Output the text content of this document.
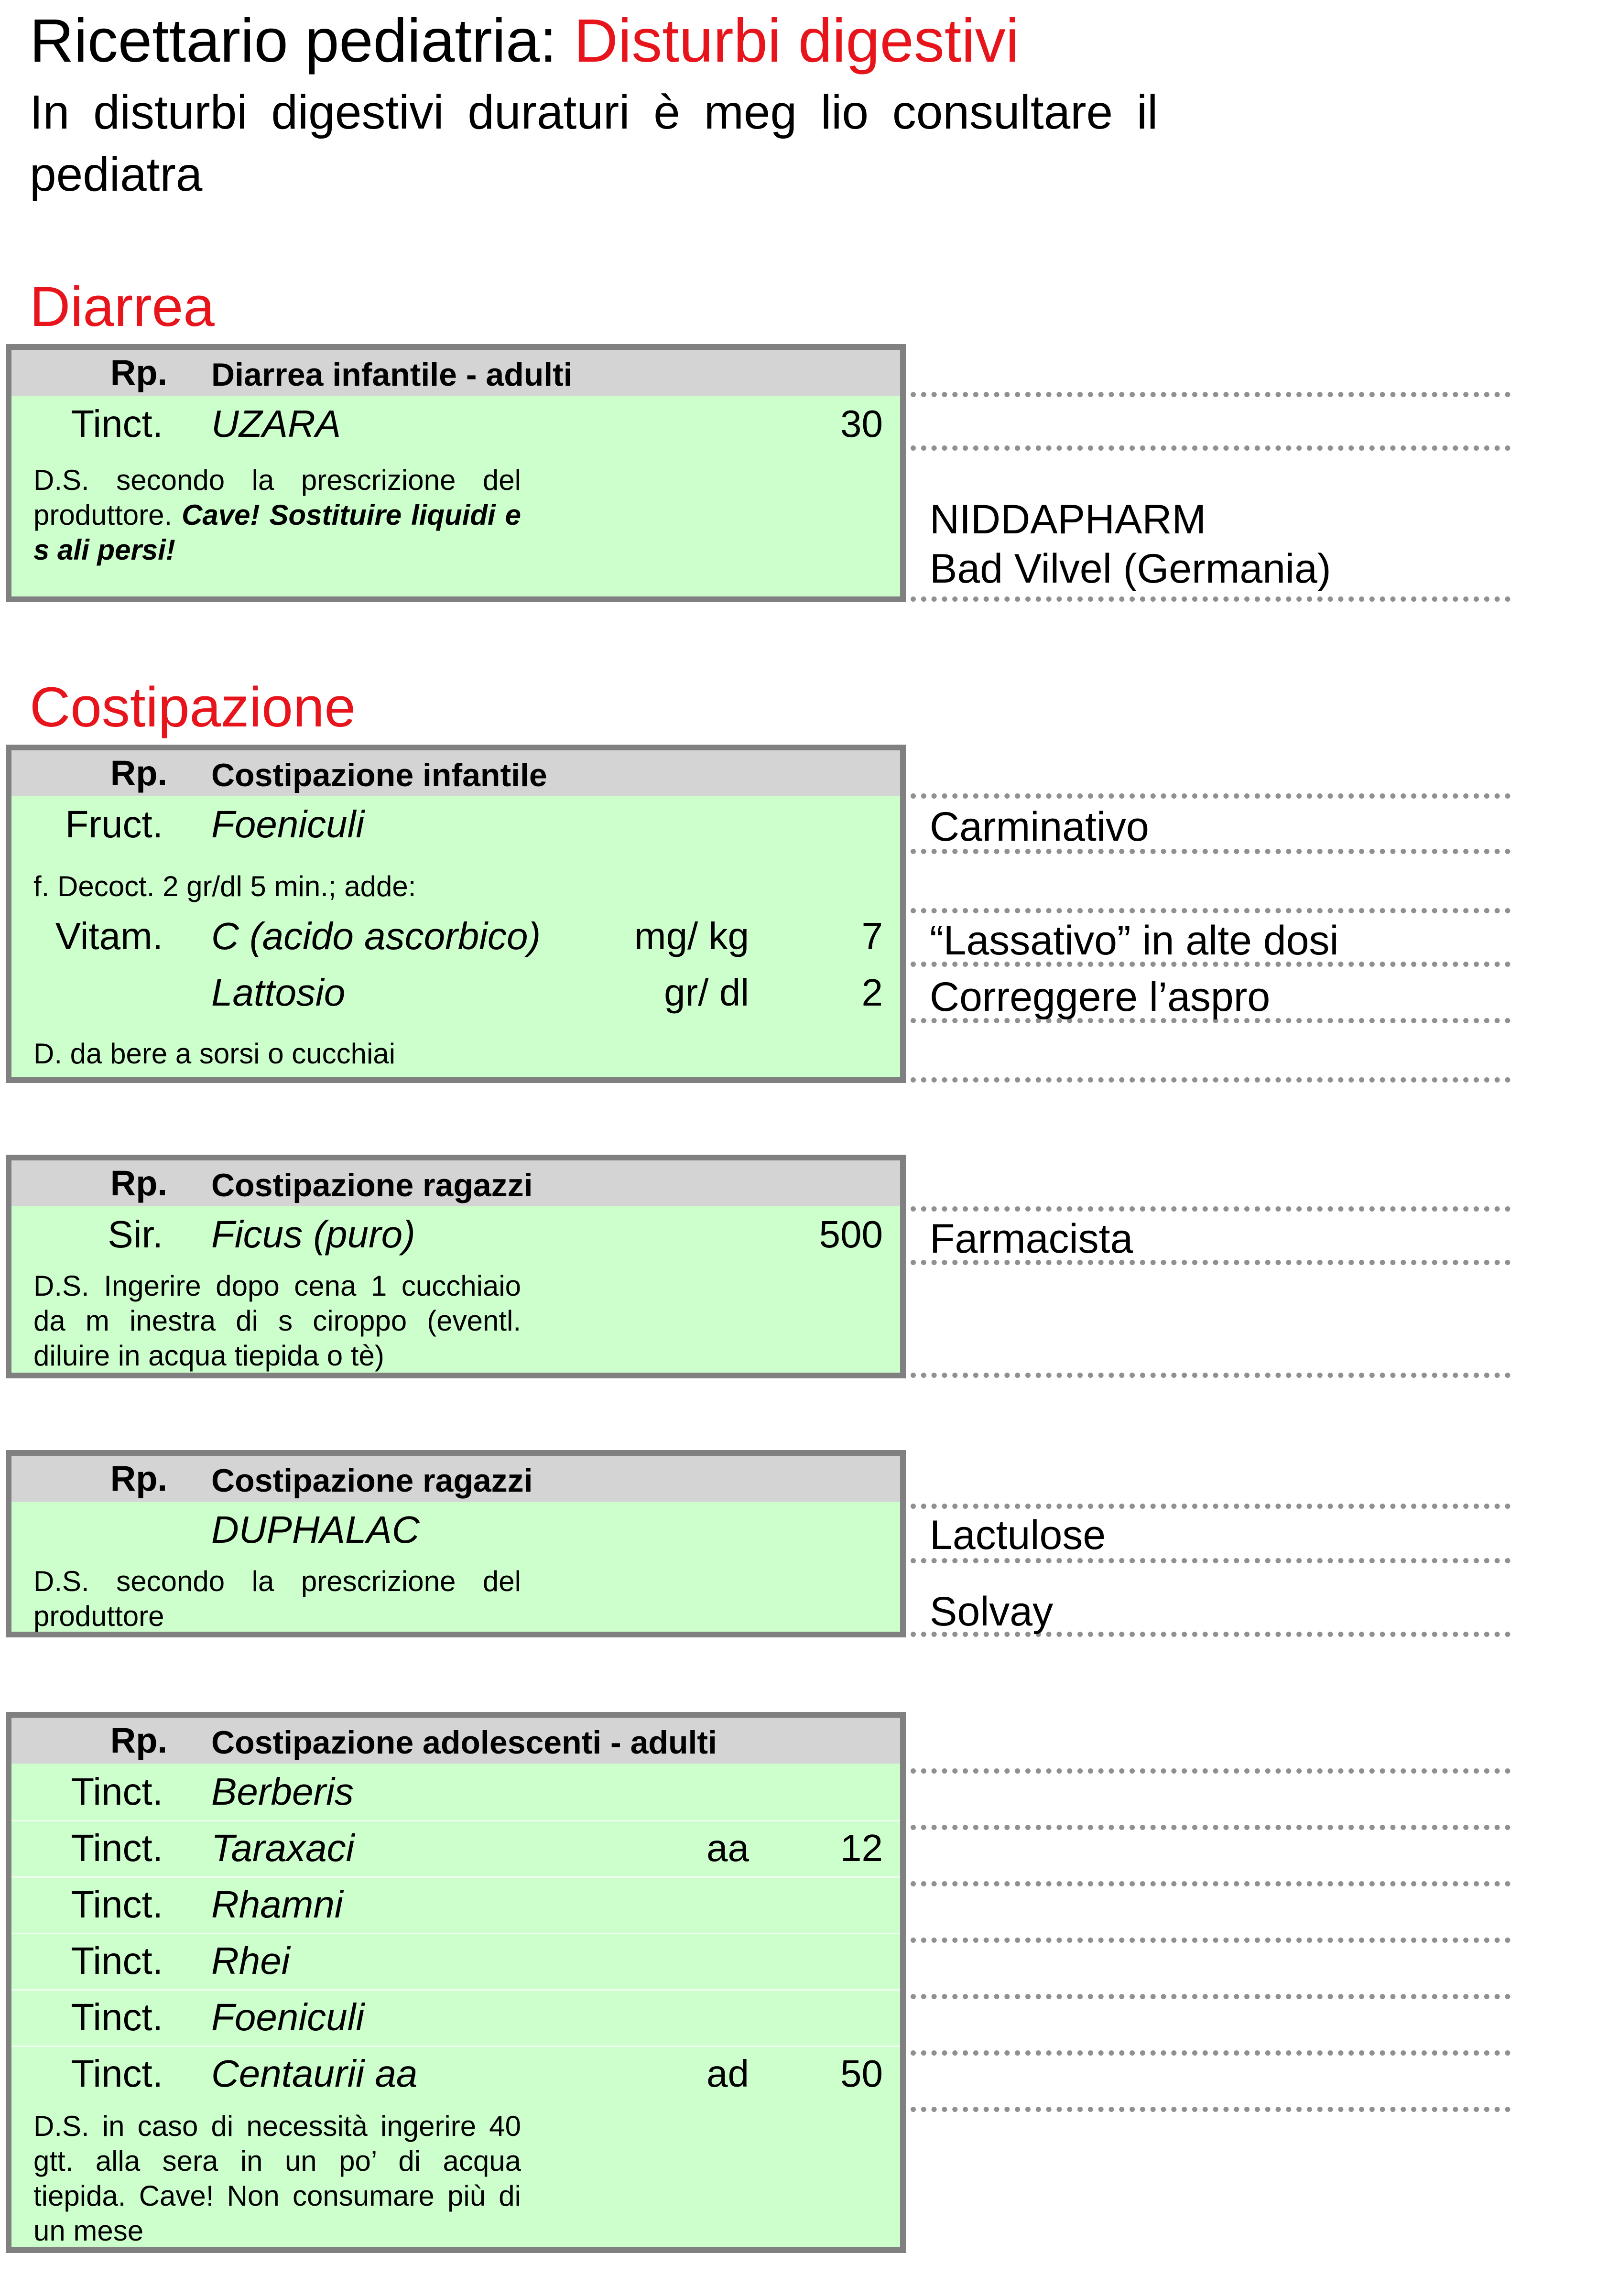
Ricettario pediatria: Disturbi digestivi
In disturbi digestivi duraturi è meg lio consultare il pediatra
Diarrea
Rp. Diarrea infantile - adulti
Tinct. UZARA	30
D.S. secondo la prescrizione del produttore. Cave! Sostituire liquidi e s ali persi!
NIDDAPHARM
Bad Vilvel (Germania)
Costipazione
Rp. Costipazione infantile
Fruct. Foeniculi
f. Decoct. 2 gr/dl 5 min.; adde:
Vitam. C (acido ascorbico) mg/ kg	7
Lattosio	gr/ dl	2
D. da bere a sorsi o cucchiai
Carminativo
“Lassativo” in alte dosi
Correggere l’aspro
Rp. Costipazione ragazzi
Sir. Ficus (puro)	500
D.S. Ingerire dopo cena 1 cucchiaio da m inestra di s ciroppo (eventl. diluire in acqua tiepida o tè)
Farmacista
Rp. Costipazione ragazzi
DUPHALAC
D.S. secondo la prescrizione del produttore
Lactulose
Solvay
Rp. Costipazione adolescenti - adulti
Tinct. Berberis
Tinct. Taraxaci	aa 12
Tinct. Rhamni
Tinct. Rhei
Tinct. Foeniculi
Tinct. Centaurii aa	ad 50
D.S. in caso di necessità ingerire 40 gtt. alla sera in un po’ di acqua tiepida. Cave! Non consumare più di un mese
